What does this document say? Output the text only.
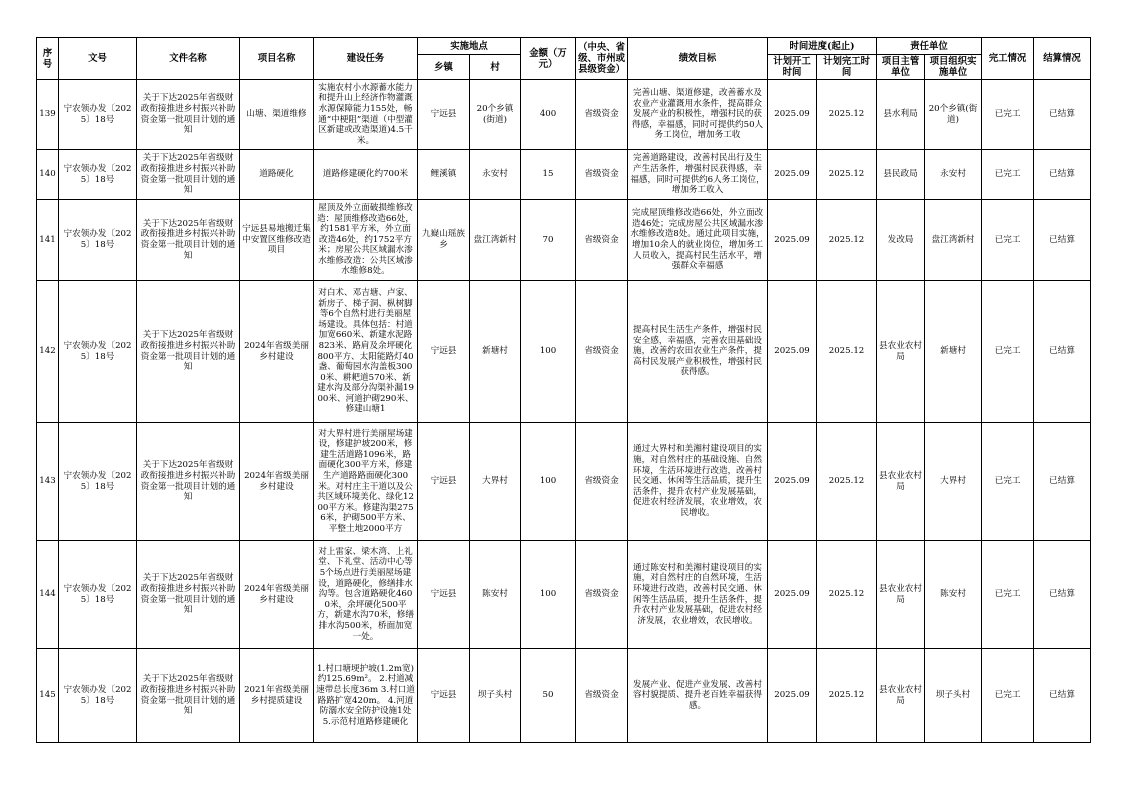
序号	文号	文件名称	项目名称	建设任务	实施地点		金额（万元）	（中央、省级、市州或县级资金）	绩效目标	时间进度(起止)		责任单位		完工情况	结算情况
					乡镇	村				计划开工时间	计划完工时间	项目主管单位	项目组织实施单位		
139	宁农领办发〔2025〕18号	关于下达2025年省级财政衔接推进乡村振兴补助资金第一批项目计划的通知	山塘、渠道维修	实施农村小水源蓄水能力和提升山上经济作物灌溉水源保障能力155处，畅通“中梗阻”渠道（中型灌区新建或改造渠道)4.5千米。	宁远县	20个乡镇(街道)	400	省级资金	完善山塘、渠道修建，改善蓄水及农业产业灌溉用水条件，提高群众发展产业的积极性，增强村民的获得感，幸福感，同时可提供约50人务工岗位，增加务工收	2025.09	2025.12	县水利局	20个乡镇(街道)	已完工	已结算
140	宁农领办发〔2025〕18号	关于下达2025年省级财政衔接推进乡村振兴补助资金第一批项目计划的通知	道路硬化	道路修建硬化约700米	鲤溪镇	永安村	15	省级资金	完善道路建设，改善村民出行及生产生活条件，增强村民获得感，幸福感，同时可提供约6人务工岗位，增加务工收入	2025.09	2025.12	县民政局	永安村	已完工	已结算
141	宁农领办发〔2025〕18号	关于下达2025年省级财政衔接推进乡村振兴补助资金第一批项目计划的通知	宁远县易地搬迁集中安置区维修改造项目	屋顶及外立面破损维修改造：屋顶维修改造66处，约1581平方米，外立面改造46处，约1752平方米；房屋公共区域漏水渗水维修改造：公共区域渗水维修8处。	九嶷山瑶族乡	盘江湾新村	70	省级资金	完成屋顶维修改造66处，外立面改造46处；完成房屋公共区域漏水渗水维修改造8处。通过此项目实施，增加10余人的就业岗位，增加务工人员收入，提高村民生活水平，增强群众幸福感	2025.09	2025.12	发改局	盘江湾新村	已完工	已结算
142	宁农领办发〔2025〕18号	关于下达2025年省级财政衔接推进乡村振兴补助资金第一批项目计划的通知	2024年省级美丽乡村建设	对白术、邓吉塘、卢家、新房子、梯子洞、枞树脚等6个自然村进行美丽屋场建设。具体包括：村道加宽660米、新建水泥路823米、路肩及余坪硬化800平方、太阳能路灯40盏、葡萄园水沟盖板3000米、耕耙道570米、新建水沟及部分沟渠补漏1900米、河道护砌290米、修建山塘1	宁远县	新塘村	100	省级资金	提高村民生活生产条件，增强村民安全感，幸福感，完善农田基础设施，改善约农田农业生产条件，提高村民发展产业积极性，增强村民获得感。	2025.09	2025.12	县农业农村局	新塘村	已完工	已结算
143	宁农领办发〔2025〕18号	关于下达2025年省级财政衔接推进乡村振兴补助资金第一批项目计划的通知	2024年省级美丽乡村建设	对大界村进行美丽屋场建设，修建护坡200米，修建生活道路1096米，路面硬化300平方米，修建生产道路路面硬化300米。对村庄主干道以及公共区域环境美化、绿化1200平方米。修建沟渠2756米，护砌500平方米、平整土地2000平方	宁远县	大界村	100	省级资金	通过大界村和美湘村建设项目的实施，对自然村庄的基础设施、自然环境，生活环境进行改造，改善村民交通、休闲等生活品质，提升生活条件，提升农村产业发展基础，促进农村经济发展，农业增效，农民增收。	2025.09	2025.12	县农业农村局	大界村	已完工	已结算
144	宁农领办发〔2025〕18号	关于下达2025年省级财政衔接推进乡村振兴补助资金第一批项目计划的通知	2024年省级美丽乡村建设	对上雷家、梁木湾、上礼堂、下礼堂、活动中心等5个场点进行美丽屋场建设，道路硬化，修缮排水沟等。包含道路硬化4600米，余坪硬化500平方，新建水沟70米，修缮排水沟500米，桥面加宽一处。	宁远县	陈安村	100	省级资金	通过陈安村和美湘村建设项目的实施，对自然村庄的自然环境，生活环境进行改造，改善村民交通、休闲等生活品质，提升生活条件，提升农村产业发展基础，促进农村经济发展，农业增效，农民增收。	2025.09	2025.12	县农业农村局	陈安村	已完工	已结算
145	宁农领办发〔2025〕18号	关于下达2025年省级财政衔接推进乡村振兴补助资金第一批项目计划的通知	2021年省级美丽乡村提质建设	1.村口塘埂护坡(1.2m宽)约125.69m²。 2.村道减速带总长度36m 3.村口道路路扩宽420m。 4.河道防溺水安全防护设施1处 5.示范村道路修建硬化	宁远县	坝子头村	50	省级资金	发展产业、促进产业发展、改善村容村貌提质、提升老百姓幸福获得感。	2025.09	2025.12	县农业农村局	坝子头村	已完工	已结算
